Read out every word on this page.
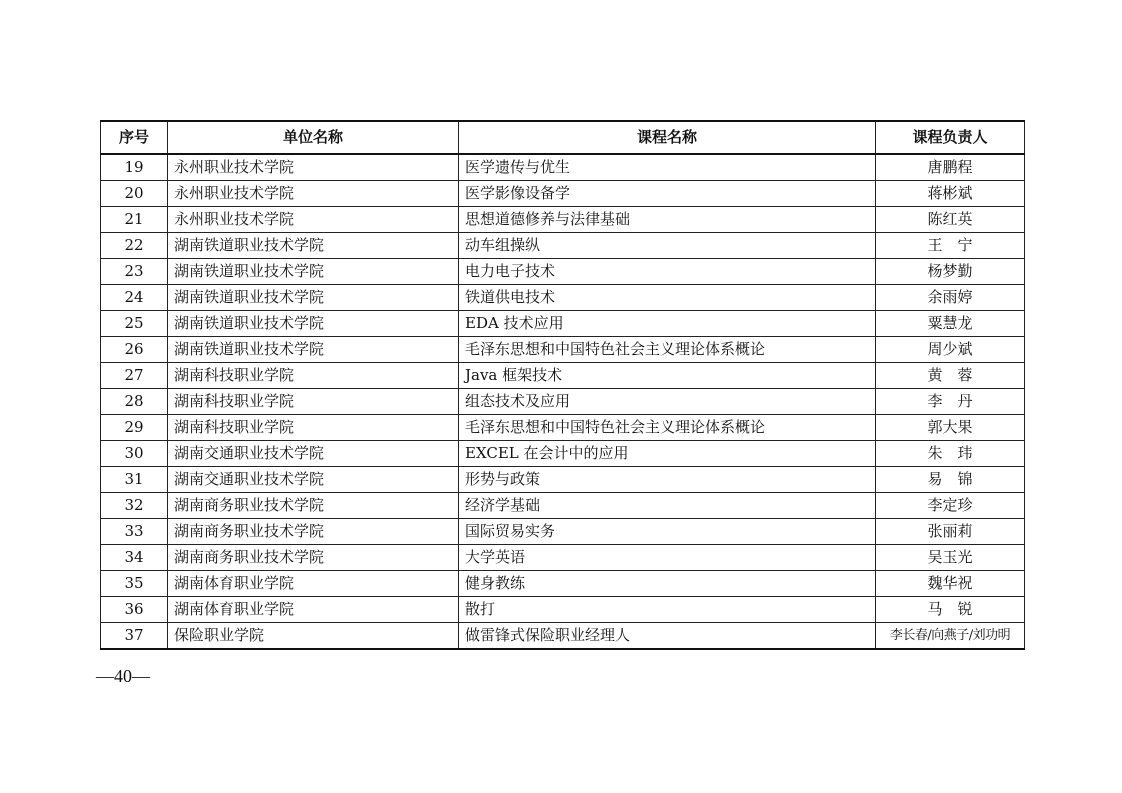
序号	单位名称	课程名称	课程负责人
19	永州职业技术学院	医学遗传与优生	唐鹏程
20	永州职业技术学院	医学影像设备学	蒋彬斌
21	永州职业技术学院	思想道德修养与法律基础	陈红英
22	湖南铁道职业技术学院	动车组操纵	王　宁
23	湖南铁道职业技术学院	电力电子技术	杨梦勤
24	湖南铁道职业技术学院	铁道供电技术	余雨婷
25	湖南铁道职业技术学院	EDA 技术应用	粟慧龙
26	湖南铁道职业技术学院	毛泽东思想和中国特色社会主义理论体系概论	周少斌
27	湖南科技职业学院	Java 框架技术	黄　蓉
28	湖南科技职业学院	组态技术及应用	李　丹
29	湖南科技职业学院	毛泽东思想和中国特色社会主义理论体系概论	郭大果
30	湖南交通职业技术学院	EXCEL 在会计中的应用	朱　玮
31	湖南交通职业技术学院	形势与政策	易　锦
32	湖南商务职业技术学院	经济学基础	李定珍
33	湖南商务职业技术学院	国际贸易实务	张丽莉
34	湖南商务职业技术学院	大学英语	吴玉光
35	湖南体育职业学院	健身教练	魏华祝
36	湖南体育职业学院	散打	马　锐
37	保险职业学院	做雷锋式保险职业经理人	李长春/向燕子/刘功明
—40—
